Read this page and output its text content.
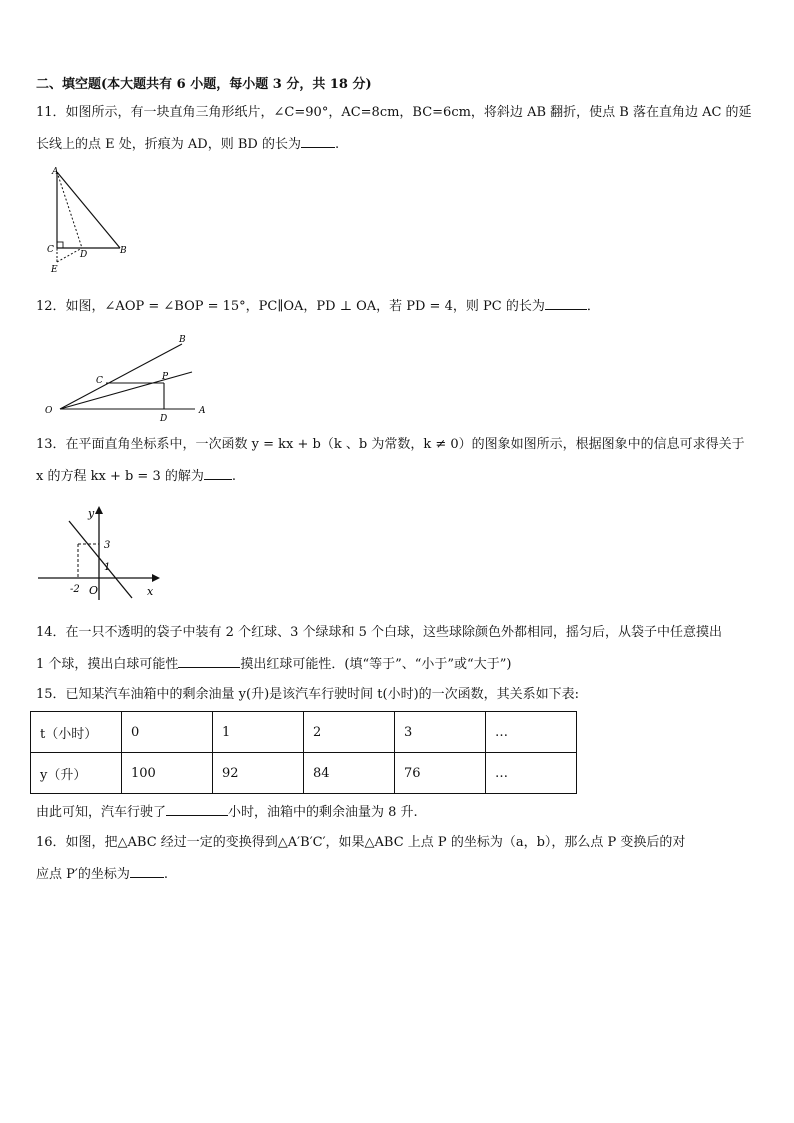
二、填空题(本大题共有 6 小题，每小题 3 分，共 18 分)
11．如图所示，有一块直角三角形纸片，∠C=90°，AC=8cm，BC=6cm，将斜边 AB 翻折，使点 B 落在直角边 AC 的延
长线上的点 E 处，折痕为 AD，则 BD 的长为	.
A
C	D	B
E
12．如图，∠AOP = ∠BOP = 15°，PC∥OA，PD ⊥ OA，若 PD = 4，则 PC 的长为	．
B
C	P
O
D
A
13．在平面直角坐标系中，一次函数 y = kx + b（k 、b 为常数，k ≠ 0）的图象如图所示，根据图象中的信息可求得关于
x 的方程 kx + b = 3 的解为 .
y
x
3
1
-2 O
14．在一只不透明的袋子中装有 2 个红球、3 个绿球和 5 个白球，这些球除颜色外都相同，摇匀后，从袋子中任意摸出
1 个球，摸出白球可能性	摸出红球可能性．(填“等于”、“小于”或“大于”)
15．已知某汽车油箱中的剩余油量 y(升)是该汽车行驶时间 t(小时)的一次函数，其关系如下表:
t（小时）	0	1	2	3	…
y（升）	100	92	84	76	…
由此可知，汽车行驶了	小时，油箱中的剩余油量为 8 升.
16．如图，把△ABC 经过一定的变换得到△A′B′C′，如果△ABC 上点 P 的坐标为（a，b），那么点 P 变换后的对
应点 P′的坐标为	.
